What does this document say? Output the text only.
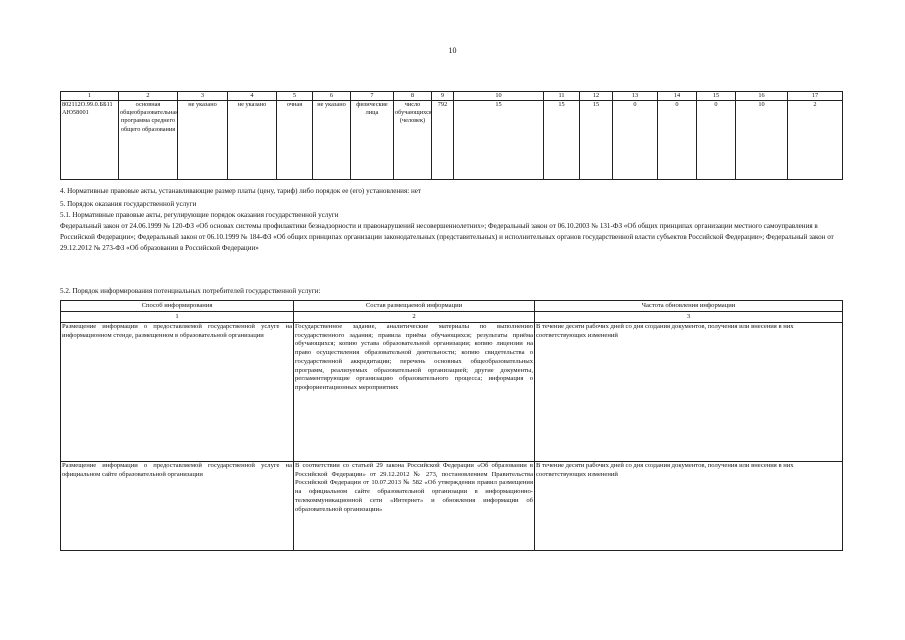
10
1	2	3	4	5	6	7	8	9	10	11	12	13	14	15	16	17
802112О.99.0.ББ11АЮ58001	основная общеобразовательная программа среднего общего образования	не указано	не указано	очная	не указано	физические лица	число обучающихся (человек)	792	15	15	15	0	0	0	10	2
4. Нормативные правовые акты, устанавливающие размер платы (цену, тариф) либо порядок ее (его) установления: нет

5. Порядок оказания государственной услуги

5.1. Нормативные правовые акты, регулирующие порядок оказания государственной услуги

Федеральный закон от 24.06.1999 № 120-ФЗ «Об основах системы профилактики безнадзорности и правонарушений несовершеннолетних»; Федеральный закон от 06.10.2003 № 131-ФЗ «Об общих принципах организации местного самоуправления в Российской Федерации»; Федеральный закон от 06.10.1999 № 184-ФЗ «Об общих принципах организации законодательных (представительных) и исполнительных органов государственной власти субъектов Российской Федерации»; Федеральный закон от 29.12.2012 № 273-ФЗ «Об образовании в Российской Федерации»

5.2. Порядок информирования потенциальных потребителей государственной услуги:
Способ информирования	Состав размещаемой информации	Частота обновления информации
1	2	3
Размещение информации о предоставляемой государственной услуге на информационном стенде, размещенном в образовательной организации	Государственное задание, аналитические материалы по выполнению государственного задания; правила приёма обучающихся; результаты приёма обучающихся; копию устава образовательной организации; копию лицензии на право осуществления образовательной деятельности; копию свидетельства о государственной аккредитации; перечень основных общеобразовательных программ, реализуемых образовательной организацией; другие документы, регламентирующие организацию образовательного процесса; информация о профориентационных мероприятиях	В течение десяти рабочих дней со дня создания документов, получения или внесения в них соответствующих изменений
Размещение информации о предоставляемой государственной услуге на официальном сайте образовательной организации	В соответствии со статьей 29 закона Российской Федерации «Об образовании в Российской Федерации» от 29.12.2012 № 273, постановлением Правительства Российской Федерации от 10.07.2013 № 582 «Об утверждении правил размещения на официальном сайте образовательной организации в информационно-телекоммуникационной сети «Интернет» и обновления информации об образовательной организации»	В течение десяти рабочих дней со дня создания документов, получения или внесения в них соответствующих изменений
